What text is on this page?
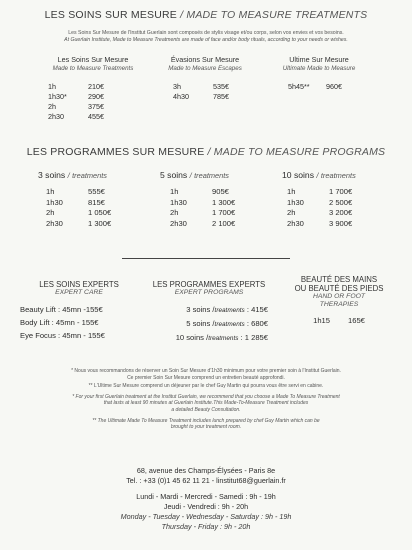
LES SOINS SUR MESURE / MADE TO MEASURE TREATMENTS
Les Soins Sur Mesure de l'Institut Guerlain sont composés de stylis visage et/ou corps, selon vos envies et vos besoins.
At Guerlain Institute, Made to Measure Treatments are made of face and/or body rituals, according to your needs or wishes.
Les Soins Sur Mesure
Made to Measure Treatments
1h	210€
1h30*	290€
2h	375€
2h30	455€
Évasions Sur Mesure
Made to Measure Escapes
3h	535€
4h30	785€
Ultime Sur Mesure
Ultimate Made to Measure
5h45**	960€
LES PROGRAMMES SUR MESURE / MADE TO MEASURE PROGRAMS
3 soins / treatments
1h	555€
1h30	815€
2h	1 050€
2h30	1 300€
5 soins / treatments
1h	905€
1h30	1 300€
2h	1 700€
2h30	2 100€
10 soins / treatments
1h	1 700€
1h30	2 500€
2h	3 200€
2h30	3 900€
LES SOINS EXPERTS
EXPERT CARE
Beauty Lift : 45mn -155€
Body Lift : 45mn - 155€
Eye Focus : 45mn - 155€
LES PROGRAMMES EXPERTS
EXPERT PROGRAMS
3 soins /treatments : 415€
5 soins /treatments : 680€
10 soins /treatments : 1 285€
BEAUTÉ DES MAINS
OU BEAUTÉ DES PIEDS
HAND OR FOOT
THERAPIES
1h15 165€
* Nous vous recommandons de réserver un Soin Sur Mesure d'1h30 minimum pour votre premier soin à l'Institut Guerlain.
Ce premier Soin Sur Mesure comprend un entretien beauté approfondi.
** L'Ultime Sur Mesure comprend un déjeuner par le chef Guy Martin qui pourra vous être servi en cabine.
* For your first Guerlain treatment at the Institut Guerlain, we recommend that you choose a Made To Measure Treatment
that lasts at least 90 minutes at Guerlain Institute.This Made-To-Measure Treatment includes
a detailed Beauty Consultation.
** The Ultimate Made To Measure Treatment includes lunch prepared by chef Guy Martin which can be
brought to your treatment room.
68, avenue des Champs-Élysées - Paris 8e
Tel. : +33 (0)1 45 62 11 21 - linstitut68@guerlain.fr
Lundi - Mardi - Mercredi - Samedi : 9h - 19h
Jeudi - Vendredi : 9h - 20h
Monday - Tuesday - Wednesday - Saturday : 9h - 19h
Thursday - Friday : 9h - 20h
